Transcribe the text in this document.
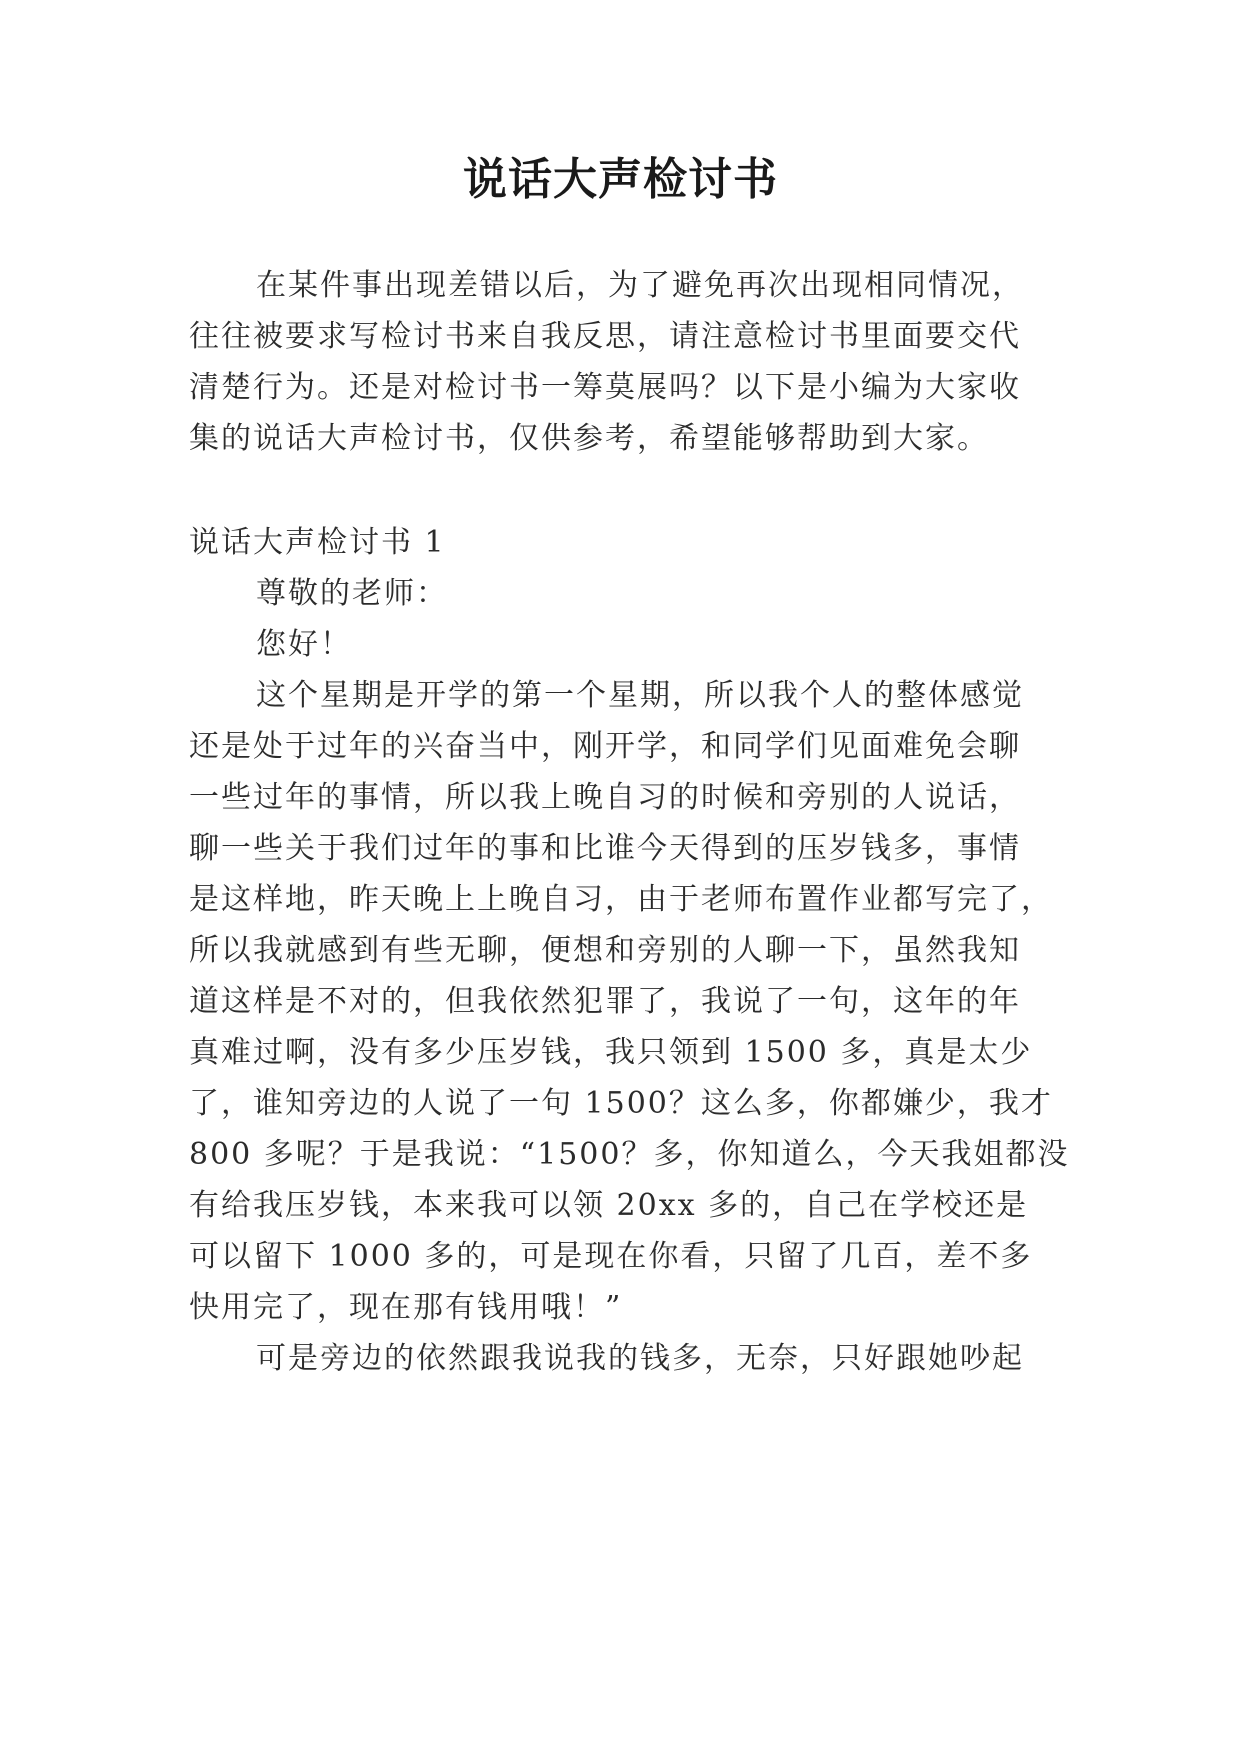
说话大声检讨书
在某件事出现差错以后，为了避免再次出现相同情况，
往往被要求写检讨书来自我反思，请注意检讨书里面要交代
清楚行为。还是对检讨书一筹莫展吗？以下是小编为大家收
集的说话大声检讨书，仅供参考，希望能够帮助到大家。
说话大声检讨书 1
尊敬的老师：
您好！
这个星期是开学的第一个星期，所以我个人的整体感觉
还是处于过年的兴奋当中，刚开学，和同学们见面难免会聊
一些过年的事情，所以我上晚自习的时候和旁别的人说话，
聊一些关于我们过年的事和比谁今天得到的压岁钱多，事情
是这样地，昨天晚上上晚自习，由于老师布置作业都写完了，
所以我就感到有些无聊，便想和旁别的人聊一下，虽然我知
道这样是不对的，但我依然犯罪了，我说了一句，这年的年
真难过啊，没有多少压岁钱，我只领到 1500 多，真是太少
了，谁知旁边的人说了一句 1500？这么多，你都嫌少，我才
800 多呢？于是我说：“1500？多，你知道么，今天我姐都没
有给我压岁钱，本来我可以领 20xx 多的，自己在学校还是
可以留下 1000 多的，可是现在你看，只留了几百，差不多
快用完了，现在那有钱用哦！”
可是旁边的依然跟我说我的钱多，无奈，只好跟她吵起
